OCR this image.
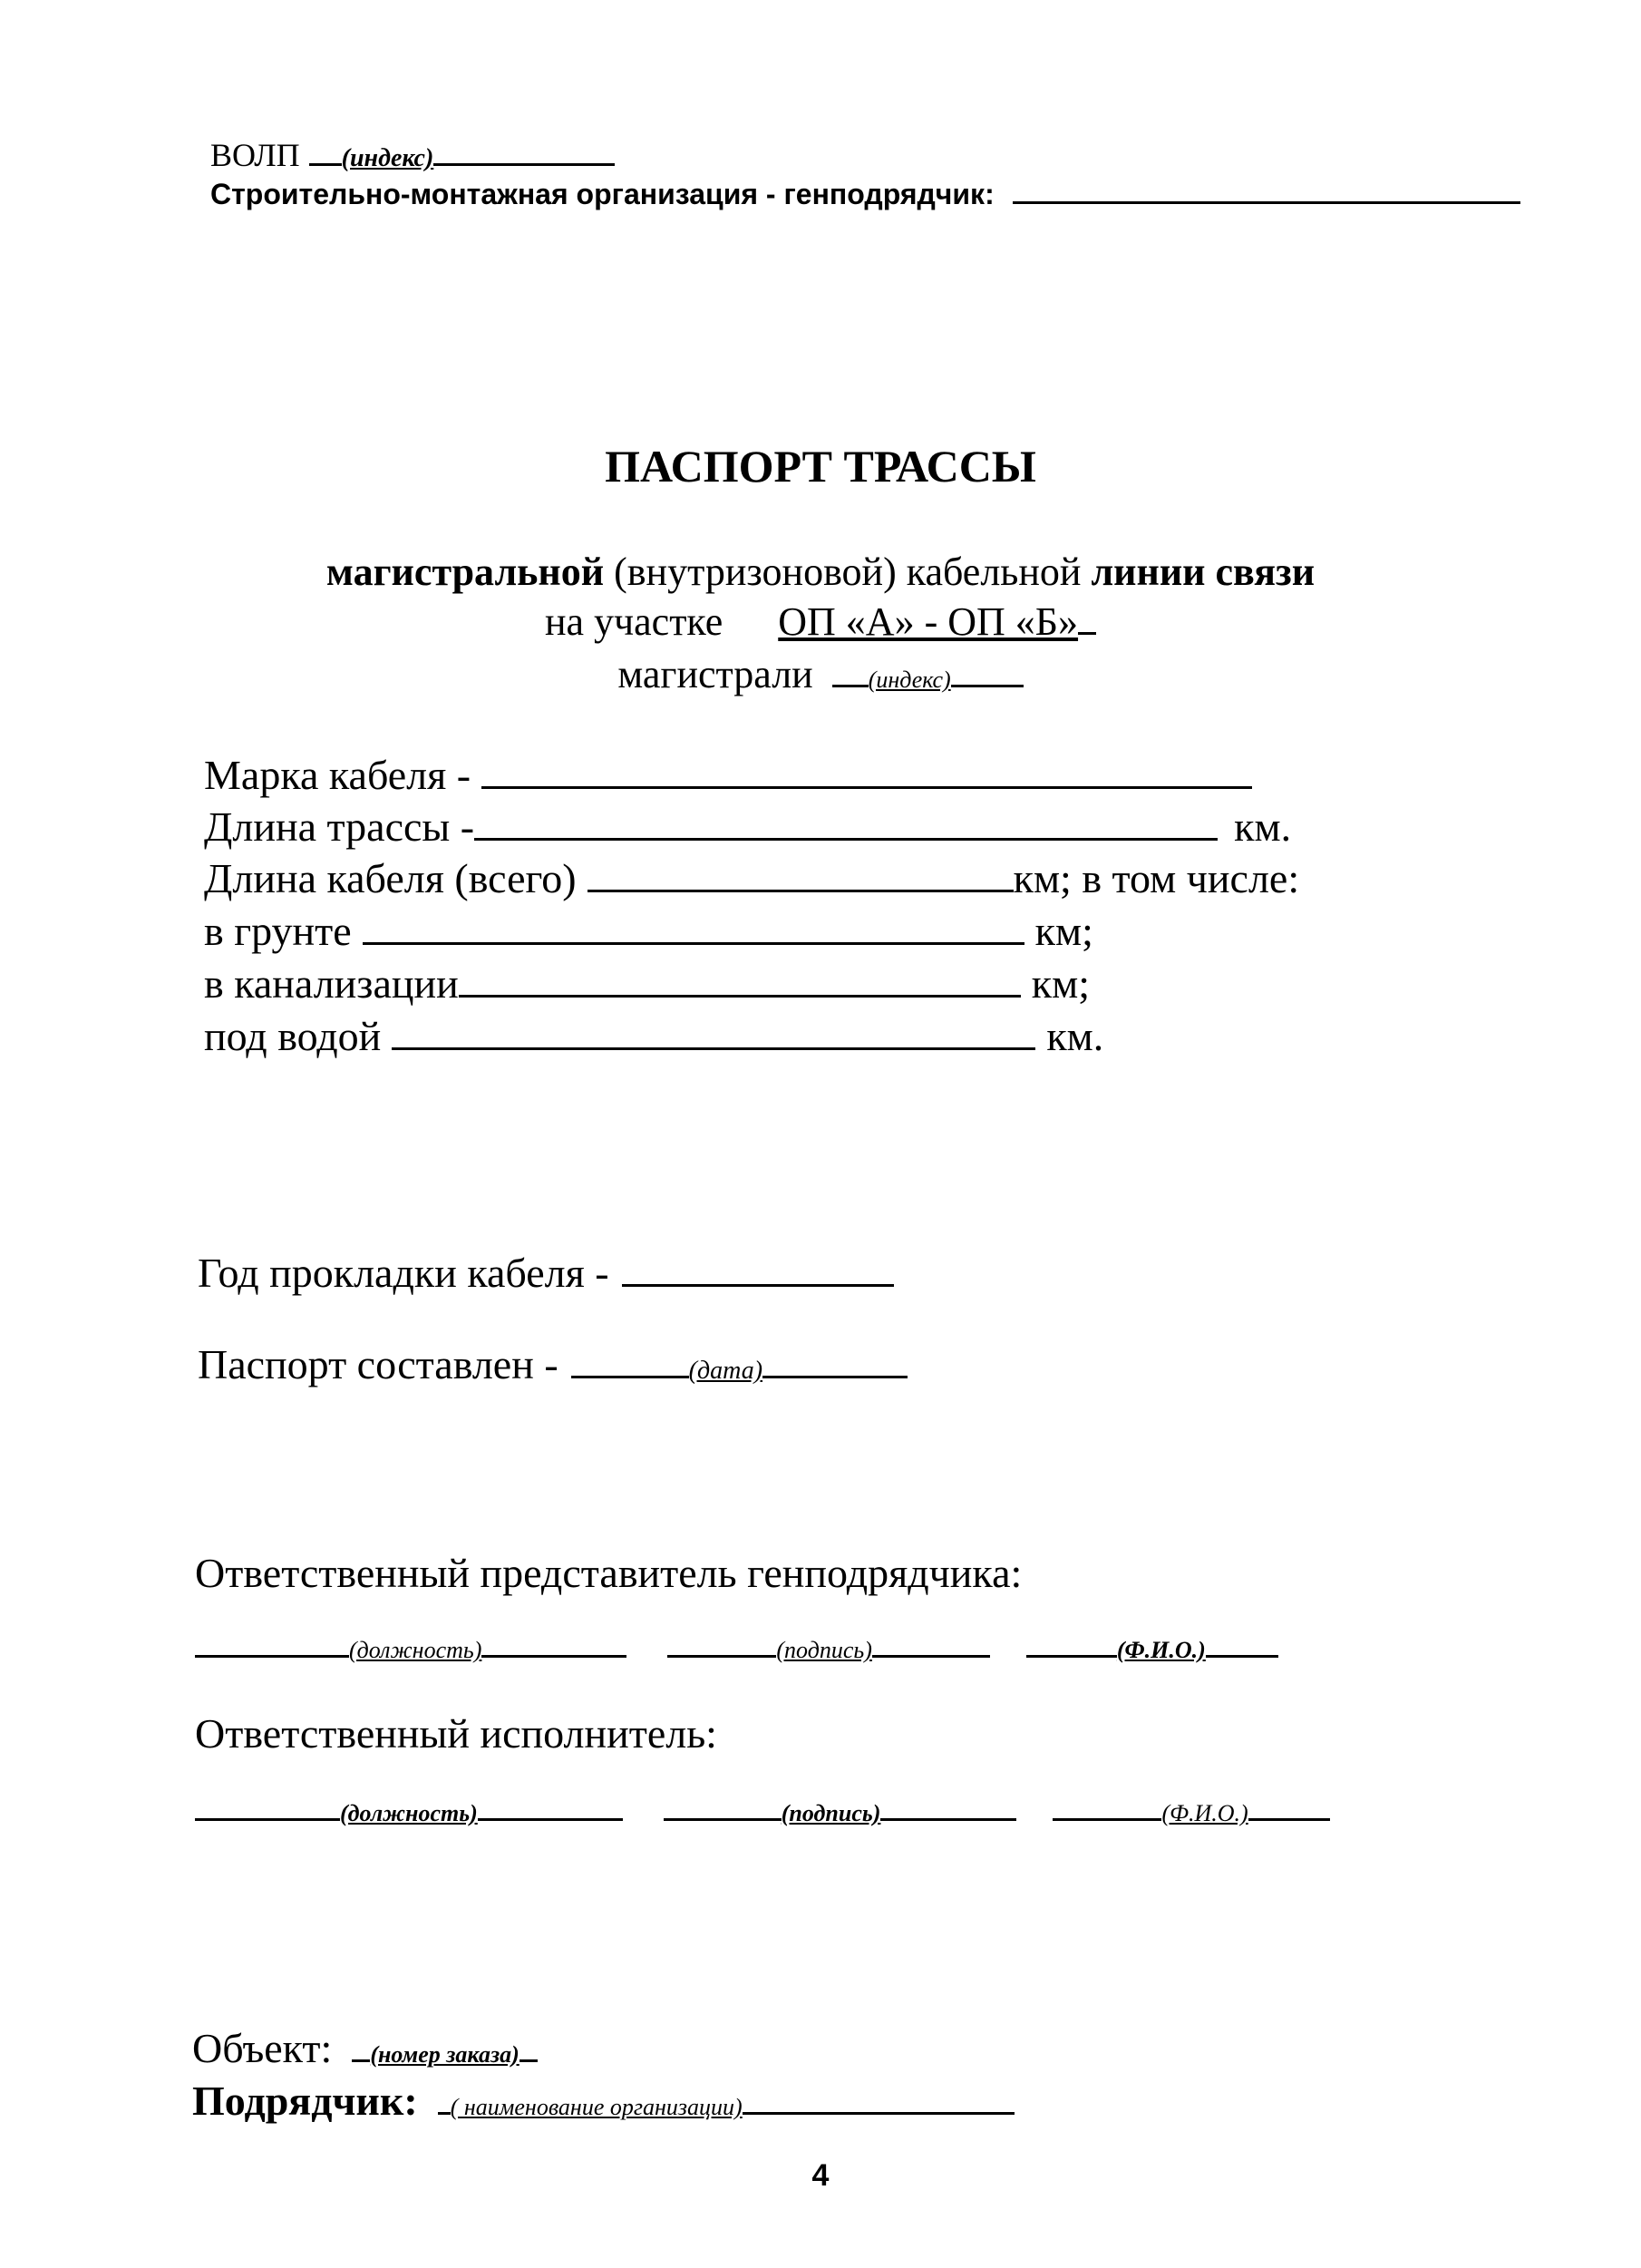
ВОЛП (индекс)
Строительно-монтажная организация - генподрядчик:
ПАСПОРТ ТРАССЫ
магистральной (внутризоновой) кабельной линии связи
на участке ОП «А» - ОП «Б»
магистрали (индекс)
Марка кабеля -
Длина трассы -	км.
Длина кабеля (всего)	км; в том числе:
в грунте	км;
в канализации	км;
под водой	км.
Год прокладки кабеля -
Паспорт составлен -	(дата)
Ответственный представитель генподрядчика:
(должность)	(подпись)	(Ф.И.О.)
Ответственный исполнитель:
(должность)	(подпись)	(Ф.И.О.)
Объект: (номер заказа)
Подрядчик: ( наименование организации)
4
